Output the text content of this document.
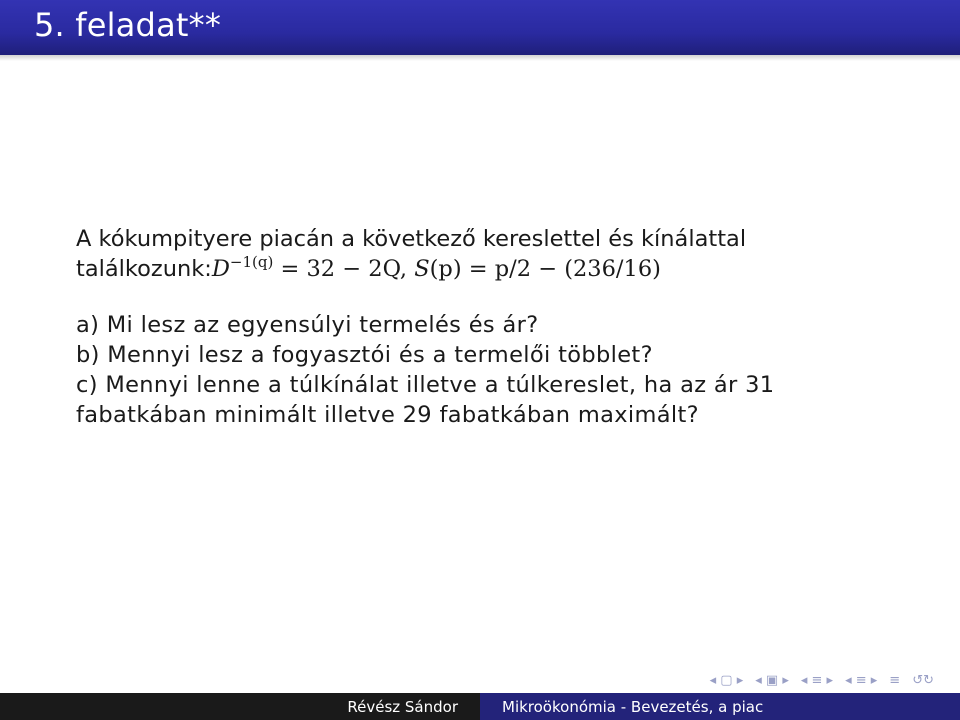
5. feladat**
A kókumpityere piacán a következő kereslettel és kínálattal
$találkozunk:D^{-1(q)} = 32 - 2Q$, S(p) = p/2 − (236/16)
a) Mi lesz az egyensúlyi termelés és ár?
b) Mennyi lesz a fogyasztói és a termelői többlet?
c) Mennyi lenne a túlkínálat illetve a túlkereslet, ha az ár 31
fabatkában minimált illetve 29 fabatkában maximált?
◂ ▢ ▸ ◂ ▣ ▸ ◂ ≡ ▸ ◂ ≡ ▸ ≡ ↺↻
Révész Sándor	Mikroökonómia - Bevezetés, a piac
